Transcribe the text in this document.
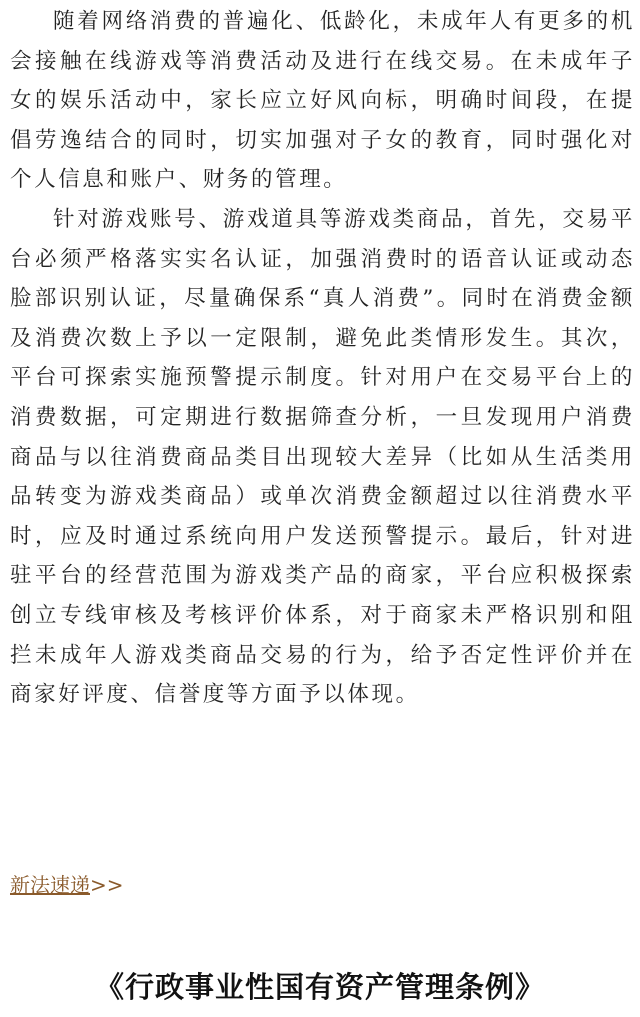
随着网络消费的普遍化、低龄化，未成年人有更多的机会接触在线游戏等消费活动及进行在线交易。在未成年子女的娱乐活动中，家长应立好风向标，明确时间段，在提倡劳逸结合的同时，切实加强对子女的教育，同时强化对个人信息和账户、财务的管理。

针对游戏账号、游戏道具等游戏类商品，首先，交易平台必须严格落实实名认证，加强消费时的语音认证或动态脸部识别认证，尽量确保系“真人消费”。同时在消费金额及消费次数上予以一定限制，避免此类情形发生。其次，平台可探索实施预警提示制度。针对用户在交易平台上的消费数据，可定期进行数据筛查分析，一旦发现用户消费商品与以往消费商品类目出现较大差异（比如从生活类用品转变为游戏类商品）或单次消费金额超过以往消费水平时，应及时通过系统向用户发送预警提示。最后，针对进驻平台的经营范围为游戏类产品的商家，平台应积极探索创立专线审核及考核评价体系，对于商家未严格识别和阻拦未成年人游戏类商品交易的行为，给予否定性评价并在商家好评度、信誉度等方面予以体现。

新法速递>>
《行政事业性国有资产管理条例》
